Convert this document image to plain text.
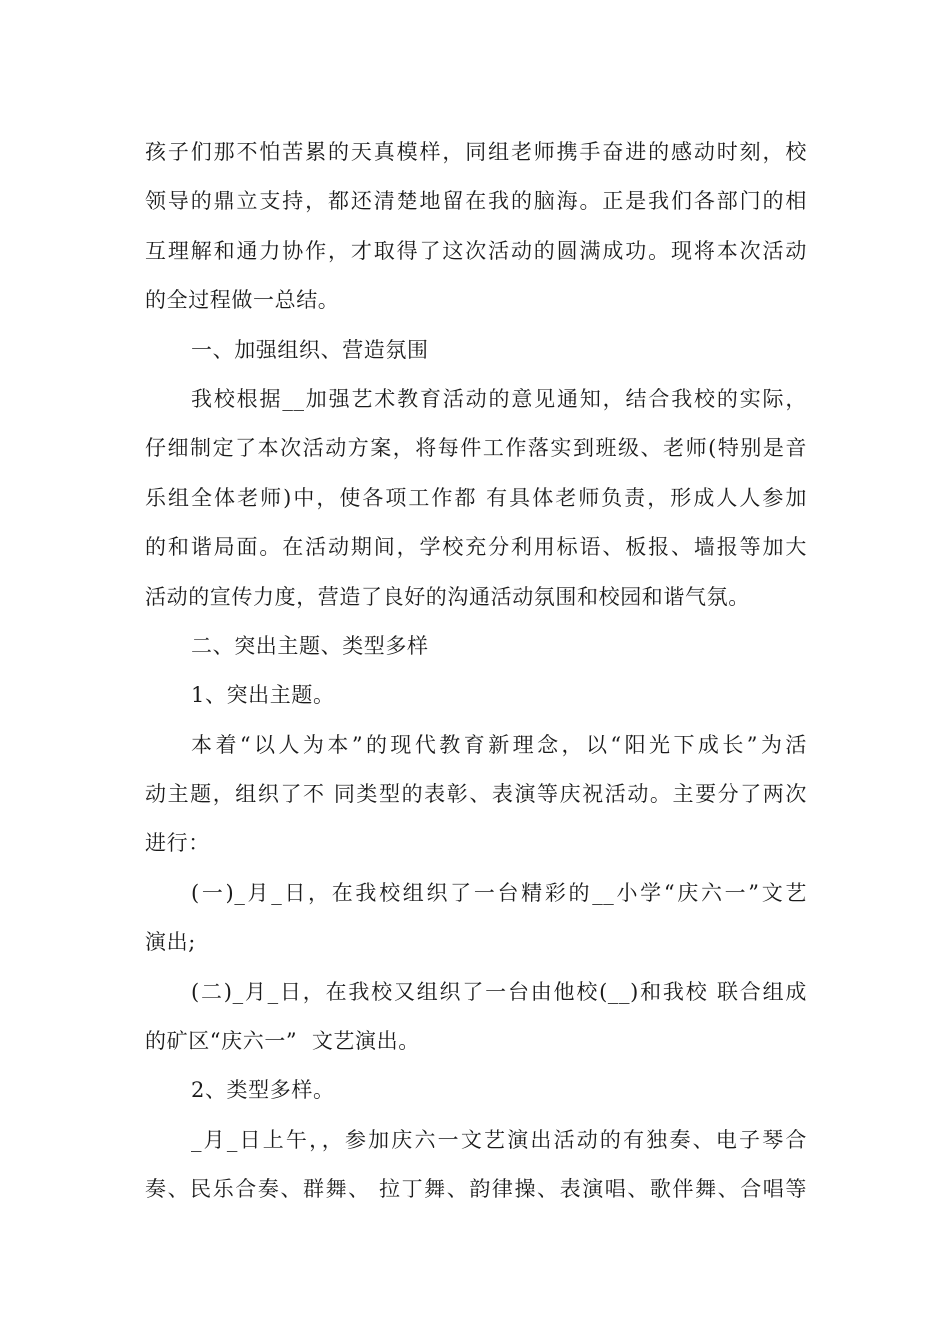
孩子们那不怕苦累的天真模样，同组老师携手奋进的感动时刻，校
领导的鼎立支持，都还清楚地留在我的脑海。正是我们各部门的相
互理解和通力协作，才取得了这次活动的圆满成功。现将本次活动
的全过程做一总结。
一、加强组织、营造氛围
我校根据__加强艺术教育活动的意见通知，结合我校的实际，
仔细制定了本次活动方案，将每件工作落实到班级、老师(特别是音
乐组全体老师)中，使各项工作都 有具体老师负责，形成人人参加
的和谐局面。在活动期间，学校充分利用标语、板报、墙报等加大
活动的宣传力度，营造了良好的沟通活动氛围和校园和谐气氛。
二、突出主题、类型多样
1、突出主题。
本着“以人为本”的现代教育新理念，以“阳光下成长”为活
动主题，组织了不 同类型的表彰、表演等庆祝活动。主要分了两次
进行：
(一)_月_日，在我校组织了一台精彩的__小学“庆六一”文艺
演出;
(二)_月_日，在我校又组织了一台由他校(__)和我校 联合组成
的矿区“庆六一”  文艺演出。
2、类型多样。
_月_日上午，，参加庆六一文艺演出活动的有独奏、电子琴合
奏、民乐合奏、群舞、 拉丁舞、韵律操、表演唱、歌伴舞、合唱等
